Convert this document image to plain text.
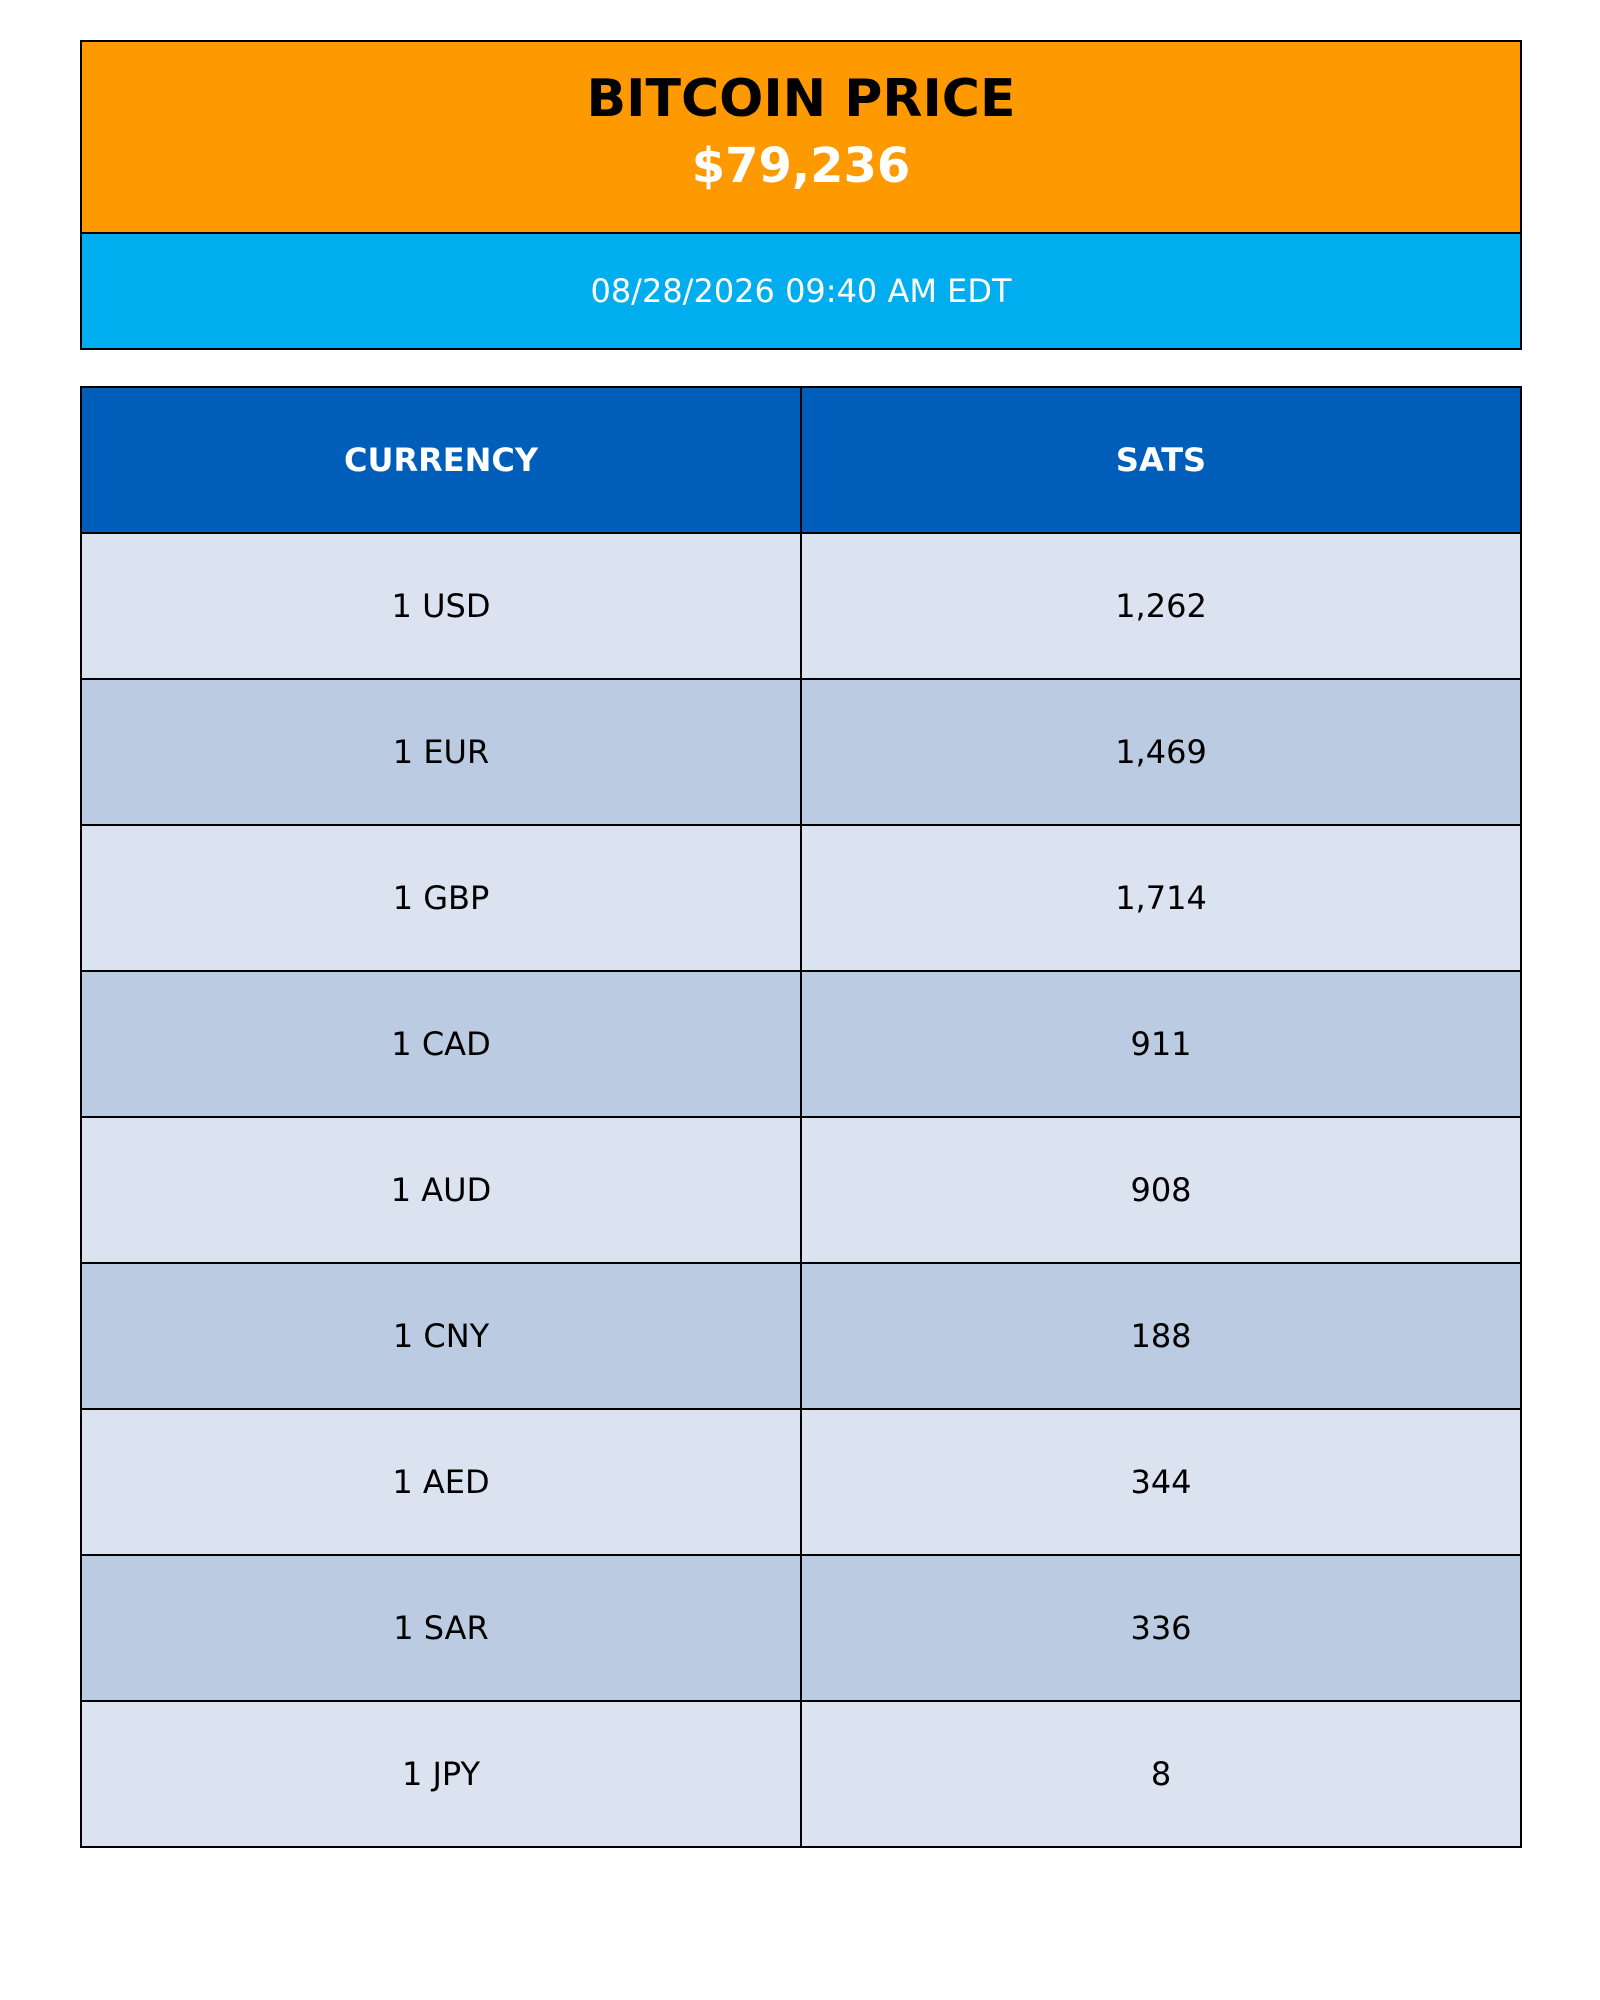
BITCOIN PRICE
$79,236
08/28/2026 09:40 AM EDT
CURRENCY	SATS
1 USD	1,262
1 EUR	1,469
1 GBP	1,714
1 CAD	911
1 AUD	908
1 CNY	188
1 AED	344
1 SAR	336
1 JPY	8
